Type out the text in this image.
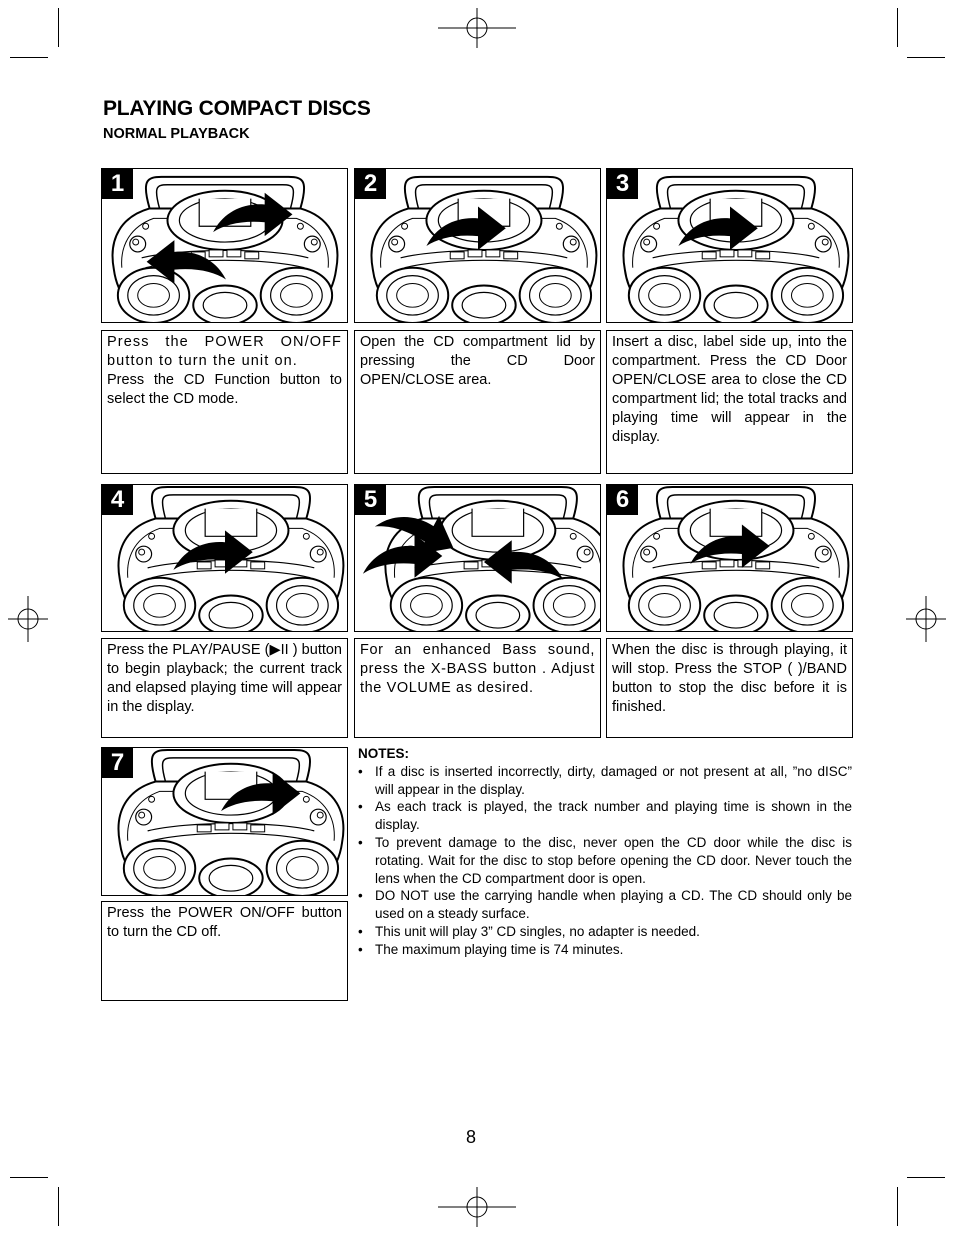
PLAYING COMPACT DISCS
NORMAL PLAYBACK
1	2	3
4	5	6
7

Press the POWER ON/OFF button to turn the unit on.

Press the CD Function button to select the CD mode.

Open the CD compartment lid by pressing the CD Door OPEN/CLOSE area.

Insert a disc, label side up, into the compartment. Press the CD Door OPEN/CLOSE area to close the CD compartment lid; the total tracks and playing time will appear in the display.

Press the PLAY/PAUSE (▶II ) button to begin playback; the current track and elapsed playing time will appear in the display.

For an enhanced Bass sound, press the X-BASS button . Adjust the VOLUME as desired.

When the disc is through playing, it will stop. Press the STOP ( )/BAND button to stop the disc before it is finished.

Press the POWER ON/OFF button to turn the CD off.

NOTES:

• If a disc is inserted incorrectly, dirty, damaged or not present at all, ”no dISC” will appear in the display.
• As each track is played, the track number and playing time is shown in the display.
• To prevent damage to the disc, never open the CD door while the disc is rotating. Wait for the disc to stop before opening the CD door. Never touch the lens when the CD compartment door is open.
• DO NOT use the carrying handle when playing a CD. The CD should only be used on a steady surface.
• This unit will play 3” CD singles, no adapter is needed.
• The maximum playing time is 74 minutes.
8
